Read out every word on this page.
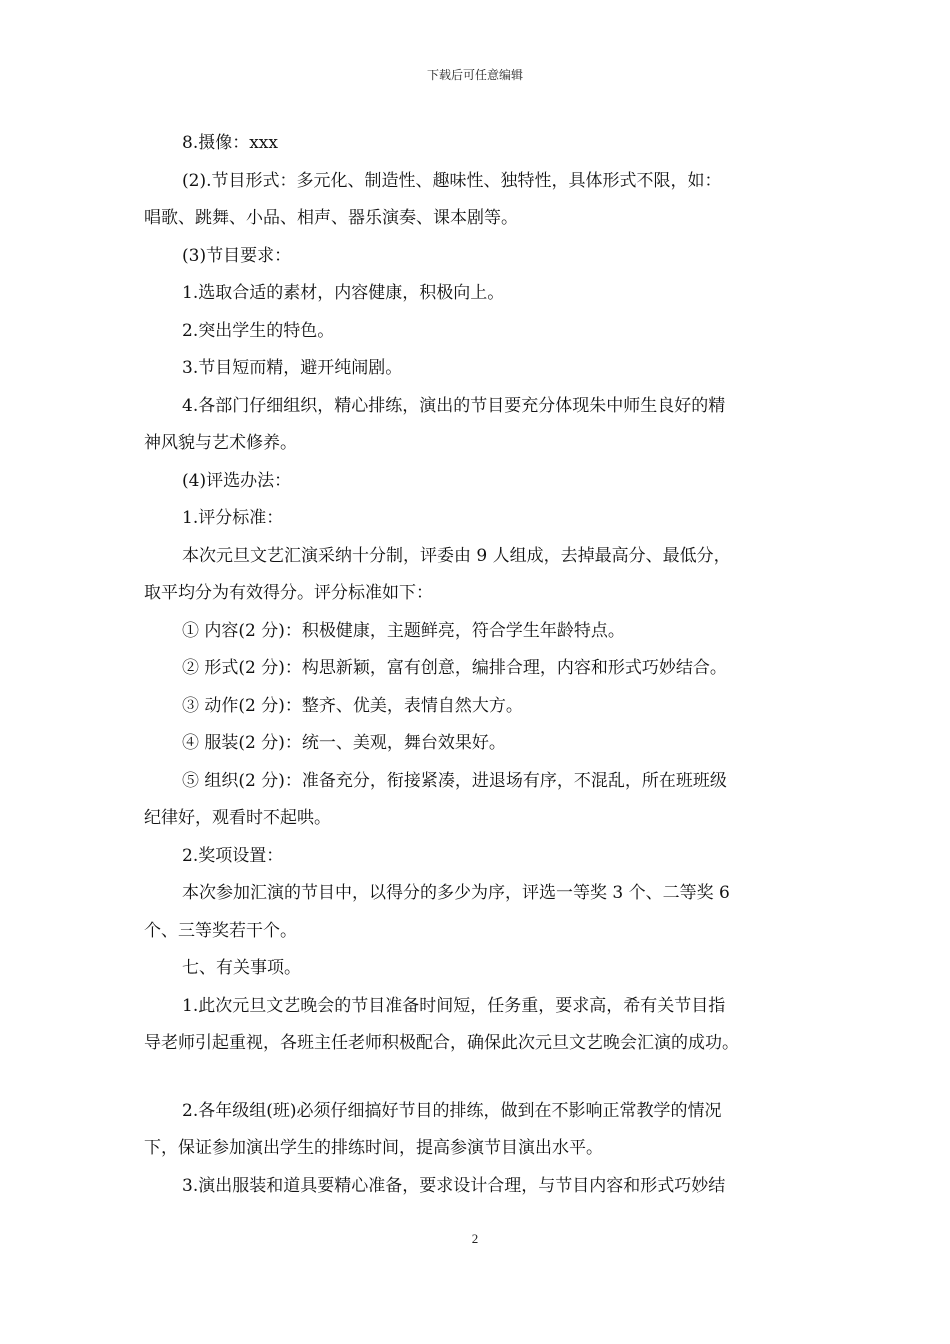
下载后可任意编辑
8.摄像：xxx
(2).节目形式：多元化、制造性、趣味性、独特性，具体形式不限，如：
唱歌、跳舞、小品、相声、器乐演奏、课本剧等。
(3)节目要求：
1.选取合适的素材，内容健康，积极向上。
2.突出学生的特色。
3.节目短而精，避开纯闹剧。
4.各部门仔细组织，精心排练，演出的节目要充分体现朱中师生良好的精
神风貌与艺术修养。
(4)评选办法：
1.评分标准：
本次元旦文艺汇演采纳十分制，评委由 9 人组成，去掉最高分、最低分，
取平均分为有效得分。评分标准如下：
① 内容(2 分)：积极健康，主题鲜亮，符合学生年龄特点。
② 形式(2 分)：构思新颖，富有创意，编排合理，内容和形式巧妙结合。
③ 动作(2 分)：整齐、优美，表情自然大方。
④ 服装(2 分)：统一、美观，舞台效果好。
⑤ 组织(2 分)：准备充分，衔接紧凑，进退场有序，不混乱，所在班班级
纪律好，观看时不起哄。
2.奖项设置：
本次参加汇演的节目中，以得分的多少为序，评选一等奖 3 个、二等奖 6
个、三等奖若干个。
七、有关事项。
1.此次元旦文艺晚会的节目准备时间短，任务重，要求高，希有关节目指
导老师引起重视，各班主任老师积极配合，确保此次元旦文艺晚会汇演的成功。
2.各年级组(班)必须仔细搞好节目的排练，做到在不影响正常教学的情况
下，保证参加演出学生的排练时间，提高参演节目演出水平。
3.演出服装和道具要精心准备，要求设计合理，与节目内容和形式巧妙结
2
